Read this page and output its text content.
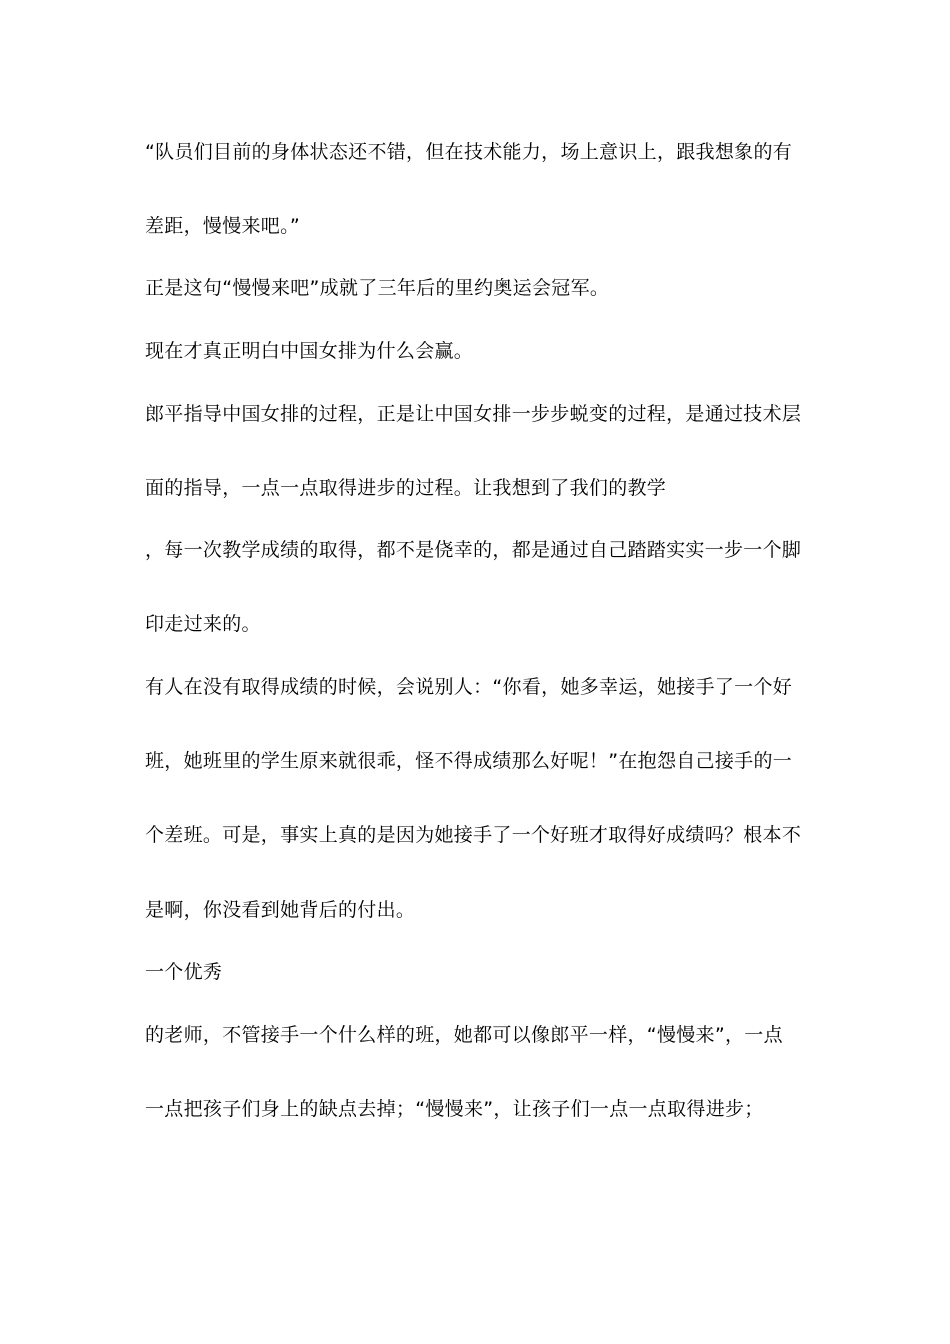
“队员们目前的身体状态还不错，但在技术能力，场上意识上，跟我想象的有
差距，慢慢来吧。”
正是这句“慢慢来吧”成就了三年后的里约奥运会冠军。
现在才真正明白中国女排为什么会赢。
郎平指导中国女排的过程，正是让中国女排一步步蜕变的过程，是通过技术层
面的指导，一点一点取得进步的过程。让我想到了我们的教学
，每一次教学成绩的取得，都不是侥幸的，都是通过自己踏踏实实一步一个脚
印走过来的。
有人在没有取得成绩的时候，会说别人：“你看，她多幸运，她接手了一个好
班，她班里的学生原来就很乖，怪不得成绩那么好呢！”在抱怨自己接手的一
个差班。可是，事实上真的是因为她接手了一个好班才取得好成绩吗？根本不
是啊，你没看到她背后的付出。
一个优秀
的老师，不管接手一个什么样的班，她都可以像郎平一样，“慢慢来”，一点
一点把孩子们身上的缺点去掉；“慢慢来”，让孩子们一点一点取得进步；
